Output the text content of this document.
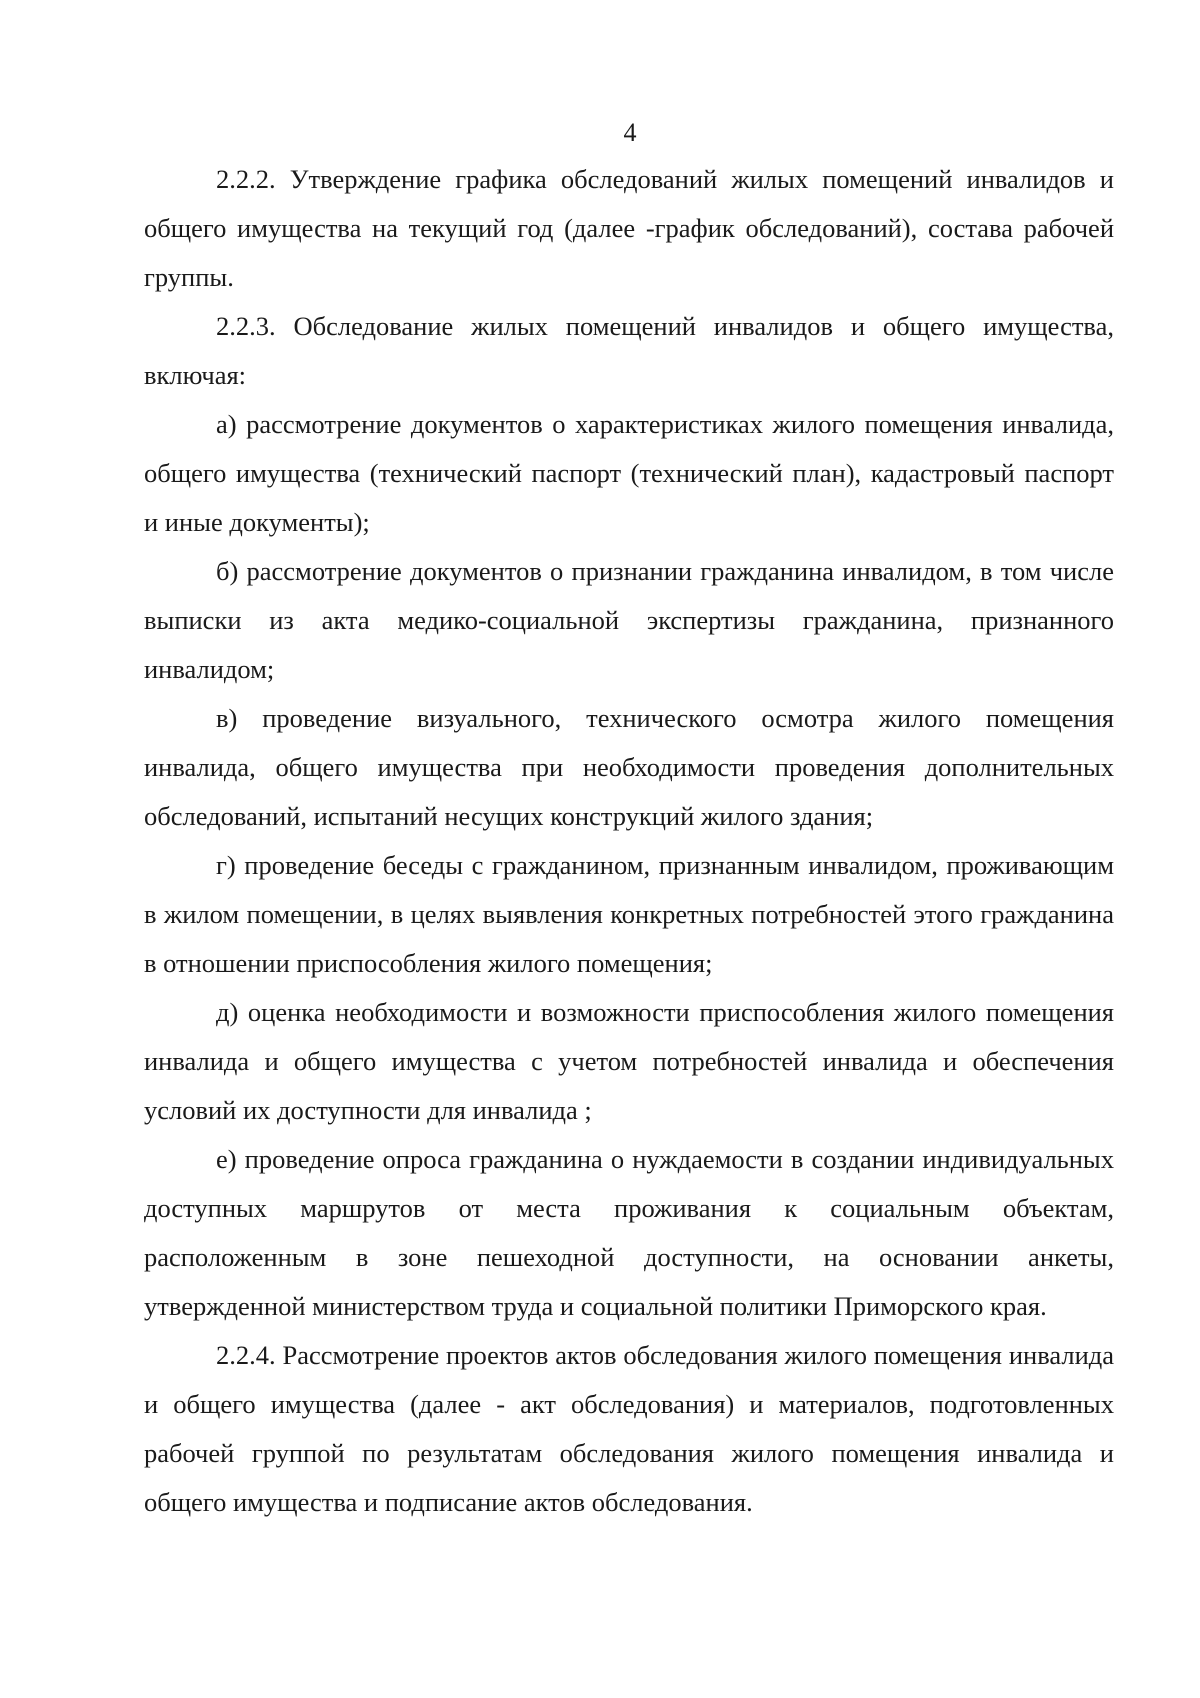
4

2.2.2. Утверждение графика обследований жилых помещений инвалидов и общего имущества на текущий год (далее -график обследований), состава рабочей группы.

2.2.3. Обследование жилых помещений инвалидов и общего имущества, включая:

а) рассмотрение документов о характеристиках жилого помещения инвалида, общего имущества (технический паспорт (технический план), кадастровый паспорт и иные документы);

б) рассмотрение документов о признании гражданина инвалидом, в том числе выписки из акта медико-социальной экспертизы гражданина, признанного инвалидом;

в) проведение визуального, технического осмотра жилого помещения инвалида, общего имущества при необходимости проведения дополнительных обследований, испытаний несущих конструкций жилого здания;

г) проведение беседы с гражданином, признанным инвалидом, проживающим в жилом помещении, в целях выявления конкретных потребностей этого гражданина в отношении приспособления жилого помещения;

д) оценка необходимости и возможности приспособления жилого помещения инвалида и общего имущества с учетом потребностей инвалида и обеспечения условий их доступности для инвалида ;

е) проведение опроса гражданина о нуждаемости в создании индивидуальных доступных маршрутов от места проживания к социальным объектам, расположенным в зоне пешеходной доступности, на основании анкеты, утвержденной министерством труда и социальной политики Приморского края.

2.2.4. Рассмотрение проектов актов обследования жилого помещения инвалида и общего имущества (далее - акт обследования) и материалов, подготовленных рабочей группой по результатам обследования жилого помещения инвалида и общего имущества и подписание актов обследования.
